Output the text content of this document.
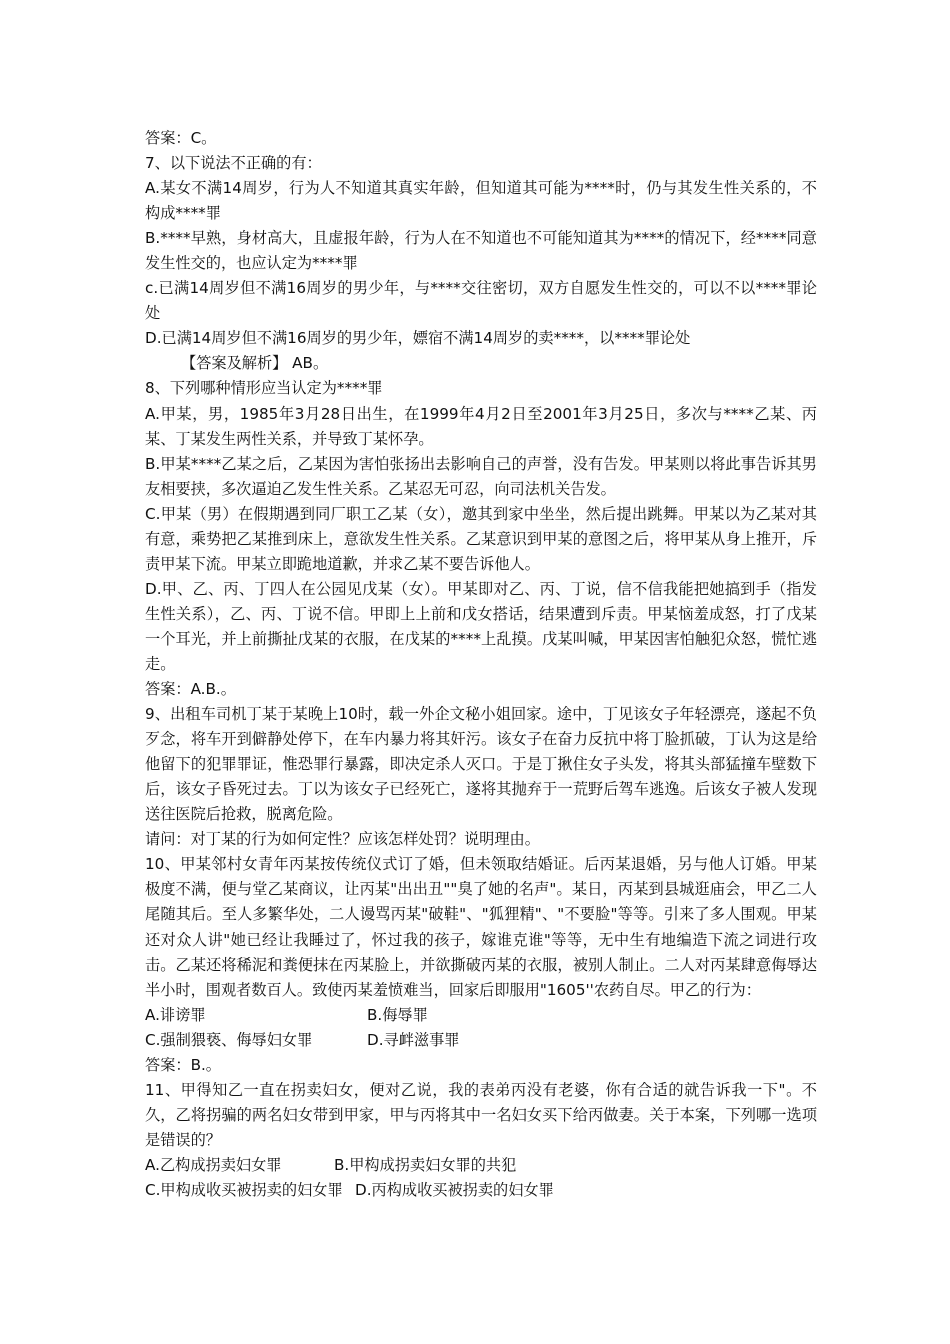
答案：C。

7、以下说法不正确的有：

A.某女不满14周岁，行为人不知道其真实年龄，但知道其可能为****时，仍与其发生性关系的，不构成****罪

B.****早熟，身材高大，且虚报年龄，行为人在不知道也不可能知道其为****的情况下，经****同意发生性交的，也应认定为****罪

c.已满14周岁但不满16周岁的男少年，与****交往密切，双方自愿发生性交的，可以不以****罪论处

D.已满14周岁但不满16周岁的男少年，嫖宿不满14周岁的卖****，以****罪论处

【答案及解析】 AB。

8、下列哪种情形应当认定为****罪

A.甲某，男，1985年3月28日出生，在1999年4月2日至2001年3月25日，多次与****乙某、丙某、丁某发生两性关系，并导致丁某怀孕。

B.甲某****乙某之后，乙某因为害怕张扬出去影响自己的声誉，没有告发。甲某则以将此事告诉其男友相要挟，多次逼迫乙发生性关系。乙某忍无可忍，向司法机关告发。

C.甲某（男）在假期遇到同厂职工乙某（女），邀其到家中坐坐，然后提出跳舞。甲某以为乙某对其有意，乘势把乙某推到床上，意欲发生性关系。乙某意识到甲某的意图之后，将甲某从身上推开，斥责甲某下流。甲某立即跪地道歉，并求乙某不要告诉他人。

D.甲、乙、丙、丁四人在公园见戊某（女）。甲某即对乙、丙、丁说，信不信我能把她搞到手（指发生性关系），乙、丙、丁说不信。甲即上上前和戊女搭话，结果遭到斥责。甲某恼羞成怒，打了戊某一个耳光，并上前撕扯戊某的衣服，在戊某的****上乱摸。戊某叫喊，甲某因害怕触犯众怒，慌忙逃走。

答案：A.B.。

9、出租车司机丁某于某晚上10时，载一外企文秘小姐回家。途中，丁见该女子年轻漂亮，遂起不负歹念，将车开到僻静处停下，在车内暴力将其奸污。该女子在奋力反抗中将丁脸抓破，丁认为这是给他留下的犯罪罪证，惟恐罪行暴露，即决定杀人灭口。于是丁揪住女子头发，将其头部猛撞车壁数下后，该女子昏死过去。丁以为该女子已经死亡，遂将其抛弃于一荒野后驾车逃逸。后该女子被人发现送往医院后抢救，脱离危险。

请问：对丁某的行为如何定性？应该怎样处罚？说明理由。

10、甲某邻村女青年丙某按传统仪式订了婚，但未领取结婚证。后丙某退婚，另与他人订婚。甲某极度不满，便与堂乙某商议，让丙某"出出丑""臭了她的名声"。某日，丙某到县城逛庙会，甲乙二人尾随其后。至人多繁华处，二人谩骂丙某"破鞋"、"狐狸精"、"不要脸"等等。引来了多人围观。甲某还对众人讲"她已经让我睡过了，怀过我的孩子，嫁谁克谁"等等，无中生有地编造下流之词进行攻击。乙某还将稀泥和粪便抹在丙某脸上，并欲撕破丙某的衣服，被别人制止。二人对丙某肆意侮辱达半小时，围观者数百人。致使丙某羞愤难当，回家后即服用"1605''农药自尽。甲乙的行为：

A.诽谤罪	B.侮辱罪
C.强制猥亵、侮辱妇女罪	D.寻衅滋事罪

答案：B.。

11、甲得知乙一直在拐卖妇女，便对乙说，我的表弟丙没有老婆，你有合适的就告诉我一下"。不久，乙将拐骗的两名妇女带到甲家，甲与丙将其中一名妇女买下给丙做妻。关于本案，下列哪一选项是错误的？

A.乙构成拐卖妇女罪	B.甲构成拐卖妇女罪的共犯
C.甲构成收买被拐卖的妇女罪 D.丙构成收买被拐卖的妇女罪
